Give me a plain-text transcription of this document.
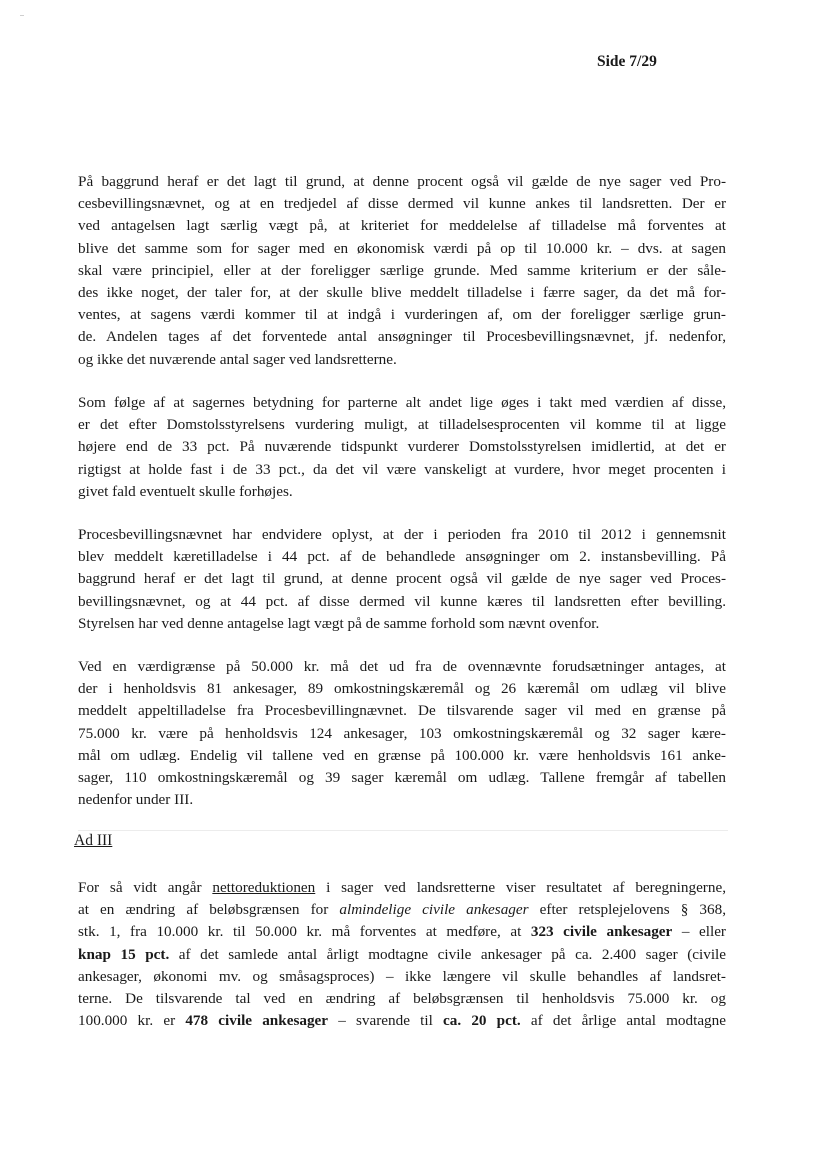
Side 7/29

På baggrund heraf er det lagt til grund, at denne procent også vil gælde de nye sager ved Pro-
cesbevillingsnævnet, og at en tredjedel af disse dermed vil kunne ankes til landsretten. Der er
ved antagelsen lagt særlig vægt på, at kriteriet for meddelelse af tilladelse må forventes at
blive det samme som for sager med en økonomisk værdi på op til 10.000 kr. – dvs. at sagen
skal være principiel, eller at der foreligger særlige grunde. Med samme kriterium er der såle-
des ikke noget, der taler for, at der skulle blive meddelt tilladelse i færre sager, da det må for-
ventes, at sagens værdi kommer til at indgå i vurderingen af, om der foreligger særlige grun-
de. Andelen tages af det forventede antal ansøgninger til Procesbevillingsnævnet, jf. nedenfor,
og ikke det nuværende antal sager ved landsretterne.

Som følge af at sagernes betydning for parterne alt andet lige øges i takt med værdien af disse,
er det efter Domstolsstyrelsens vurdering muligt, at tilladelsesprocenten vil komme til at ligge
højere end de 33 pct. På nuværende tidspunkt vurderer Domstolsstyrelsen imidlertid, at det er
rigtigst at holde fast i de 33 pct., da det vil være vanskeligt at vurdere, hvor meget procenten i
givet fald eventuelt skulle forhøjes.

Procesbevillingsnævnet har endvidere oplyst, at der i perioden fra 2010 til 2012 i gennemsnit
blev meddelt kæretilladelse i 44 pct. af de behandlede ansøgninger om 2. instansbevilling. På
baggrund heraf er det lagt til grund, at denne procent også vil gælde de nye sager ved Proces-
bevillingsnævnet, og at 44 pct. af disse dermed vil kunne kæres til landsretten efter bevilling.
Styrelsen har ved denne antagelse lagt vægt på de samme forhold som nævnt ovenfor.

Ved en værdigrænse på 50.000 kr. må det ud fra de ovennævnte forudsætninger antages, at
der i henholdsvis 81 ankesager, 89 omkostningskæremål og 26 kæremål om udlæg vil blive
meddelt appeltilladelse fra Procesbevillingnævnet. De tilsvarende sager vil med en grænse på
75.000 kr. være på henholdsvis 124 ankesager, 103 omkostningskæremål og 32 sager kære-
mål om udlæg. Endelig vil tallene ved en grænse på 100.000 kr. være henholdsvis 161 anke-
sager, 110 omkostningskæremål og 39 sager kæremål om udlæg. Tallene fremgår af tabellen
nedenfor under III.

Ad III

For så vidt angår nettoreduktionen i sager ved landsretterne viser resultatet af beregningerne,
at en ændring af beløbsgrænsen for almindelige civile ankesager efter retsplejelovens § 368,
stk. 1, fra 10.000 kr. til 50.000 kr. må forventes at medføre, at 323 civile ankesager – eller
knap 15 pct. af det samlede antal årligt modtagne civile ankesager på ca. 2.400 sager (civile
ankesager, økonomi mv. og småsagsproces) – ikke længere vil skulle behandles af landsret-
terne. De tilsvarende tal ved en ændring af beløbsgrænsen til henholdsvis 75.000 kr. og
100.000 kr. er 478 civile ankesager – svarende til ca. 20 pct. af det årlige antal modtagne
